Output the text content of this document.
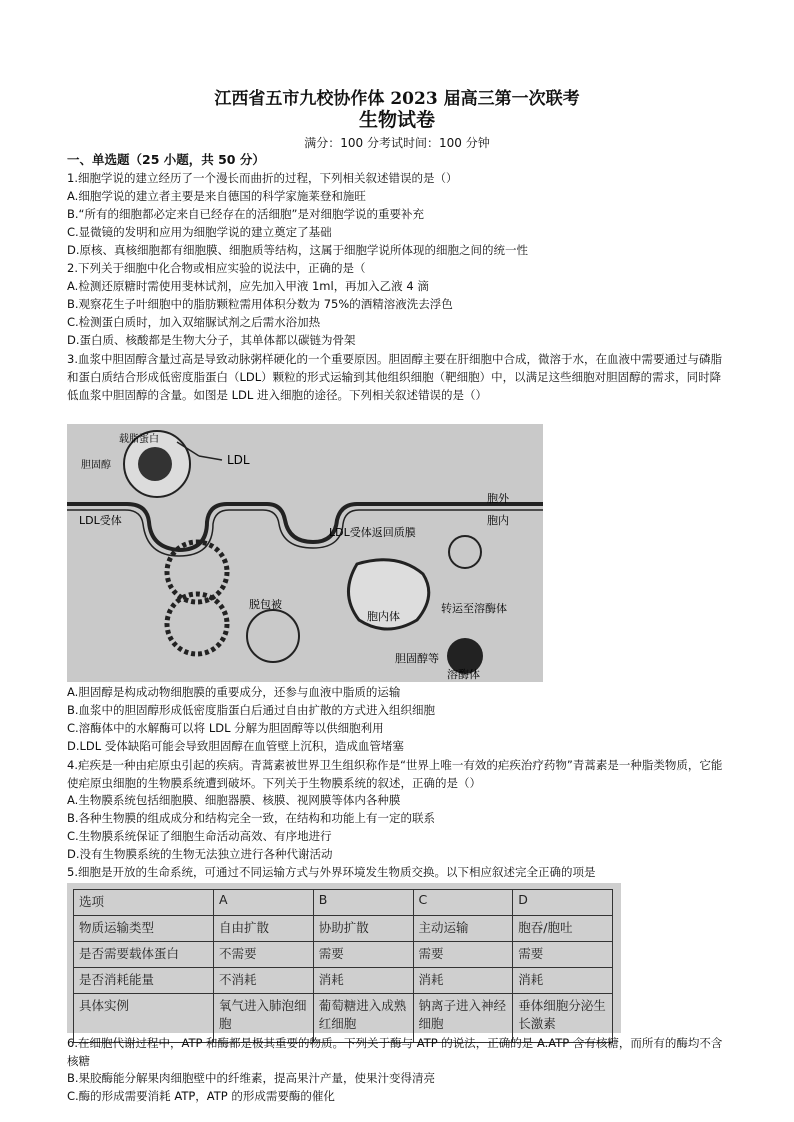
江西省五市九校协作体 2023 届高三第一次联考
生物试卷
满分：100 分考试时间：100 分钟
一、单选题（25 小题，共 50 分）
1.细胞学说的建立经历了一个漫长而曲折的过程，下列相关叙述错误的是（）
A.细胞学说的建立者主要是来自德国的科学家施莱登和施旺
B.“所有的细胞都必定来自已经存在的活细胞”是对细胞学说的重要补充
C.显微镜的发明和应用为细胞学说的建立奠定了基础
D.原核、真核细胞都有细胞膜、细胞质等结构，这属于细胞学说所体现的细胞之间的统一性
2.下列关于细胞中化合物或相应实验的说法中，正确的是（
A.检测还原糖时需使用斐林试剂，应先加入甲液 1ml，再加入乙液 4 滴
B.观察花生子叶细胞中的脂肪颗粒需用体积分数为 75%的酒精溶液洗去浮色
C.检测蛋白质时，加入双缩脲试剂之后需水浴加热
D.蛋白质、核酸都是生物大分子，其单体都以碳链为骨架
3.血浆中胆固醇含量过高是导致动脉粥样硬化的一个重要原因。胆固醇主要在肝细胞中合成，微溶于水，在血液中需要通过与磷脂和蛋白质结合形成低密度脂蛋白（LDL）颗粒的形式运输到其他组织细胞（靶细胞）中，以满足这些细胞对胆固醇的需求，同时降低血浆中胆固醇的含量。如图是 LDL 进入细胞的途径。下列相关叙述错误的是（）
载脂蛋白
胆固醇	LDL
胞外
胞内
LDL受体
脱包被
胞内体
LDL受体返回质膜
转运至溶酶体
胆固醇等
溶酶体
A.胆固醇是构成动物细胞膜的重要成分，还参与血液中脂质的运输
B.血浆中的胆固醇形成低密度脂蛋白后通过自由扩散的方式进入组织细胞
C.溶酶体中的水解酶可以将 LDL 分解为胆固醇等以供细胞利用
D.LDL 受体缺陷可能会导致胆固醇在血管壁上沉积，造成血管堵塞
4.疟疾是一种由疟原虫引起的疾病。青蒿素被世界卫生组织称作是“世界上唯一有效的疟疾治疗药物”青蒿素是一种脂类物质，它能使疟原虫细胞的生物膜系统遭到破坏。下列关于生物膜系统的叙述，正确的是（）
A.生物膜系统包括细胞膜、细胞器膜、核膜、视网膜等体内各种膜
B.各种生物膜的组成成分和结构完全一致，在结构和功能上有一定的联系
C.生物膜系统保证了细胞生命活动高效、有序地进行
D.没有生物膜系统的生物无法独立进行各种代谢活动
5.细胞是开放的生命系统，可通过不同运输方式与外界环境发生物质交换。以下相应叙述完全正确的项是
选项	A	B	C	D
物质运输类型	自由扩散	协助扩散	主动运输	胞吞/胞吐
是否需要载体蛋白	不需要	需要	需要	需要
是否消耗能量	不消耗	消耗	消耗	消耗
具体实例	氧气进入肺泡细胞	葡萄糖进入成熟红细胞	钠离子进入神经细胞	垂体细胞分泌生长激素
6.在细胞代谢过程中，ATP 和酶都是极其重要的物质。下列关于酶与 ATP 的说法，正确的是 A.ATP 含有核糖，而所有的酶均不含核糖
B.果胶酶能分解果肉细胞壁中的纤维素，提高果汁产量，使果汁变得清亮
C.酶的形成需要消耗 ATP，ATP 的形成需要酶的催化
